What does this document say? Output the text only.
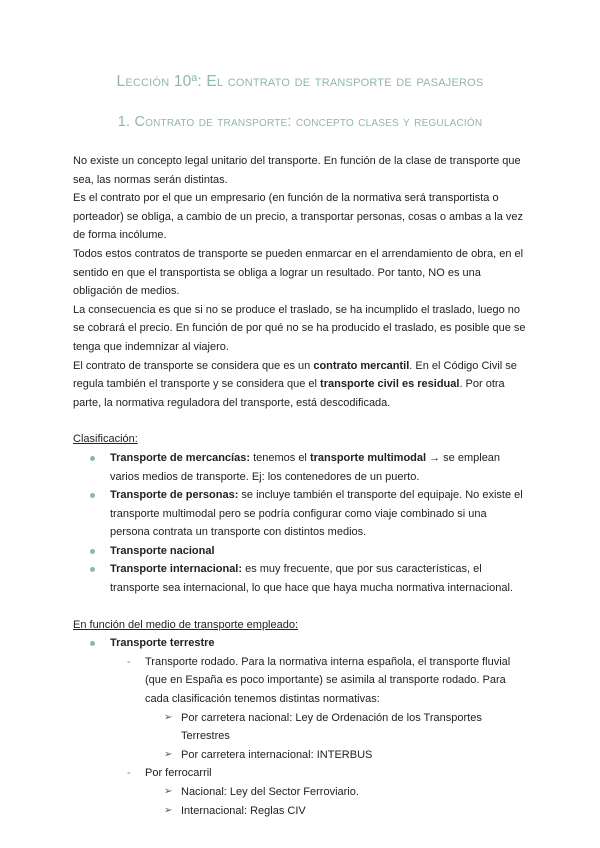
Lección 10ª: El contrato de transporte de pasajeros
1. Contrato de transporte: concepto clases y regulación

No existe un concepto legal unitario del transporte. En función de la clase de transporte que sea, las normas serán distintas.

Es el contrato por el que un empresario (en función de la normativa será transportista o porteador) se obliga, a cambio de un precio, a transportar personas, cosas o ambas a la vez de forma incólume.

Todos estos contratos de transporte se pueden enmarcar en el arrendamiento de obra, en el sentido en que el transportista se obliga a lograr un resultado. Por tanto, NO es una obligación de medios.

La consecuencia es que si no se produce el traslado, se ha incumplido el traslado, luego no se cobrará el precio. En función de por qué no se ha producido el traslado, es posible que se tenga que indemnizar al viajero.

El contrato de transporte se considera que es un contrato mercantil. En el Código Civil se regula también el transporte y se considera que el transporte civil es residual. Por otra parte, la normativa reguladora del transporte, está descodificada.

Clasificación:

Transporte de mercancías: tenemos el transporte multimodal → se emplean varios medios de transporte. Ej: los contenedores de un puerto.
Transporte de personas: se incluye también el transporte del equipaje. No existe el transporte multimodal pero se podría configurar como viaje combinado si una persona contrata un transporte con distintos medios.
Transporte nacional
Transporte internacional: es muy frecuente, que por sus características, el transporte sea internacional, lo que hace que haya mucha normativa internacional.

En función del medio de transporte empleado:

Transporte terrestre
- Transporte rodado. Para la normativa interna española, el transporte fluvial (que en España es poco importante) se asimila al transporte rodado. Para cada clasificación tenemos distintas normativas:
➢ Por carretera nacional: Ley de Ordenación de los Transportes Terrestres
➢ Por carretera internacional: INTERBUS
- Por ferrocarril
➢ Nacional: Ley del Sector Ferroviario.
➢ Internacional: Reglas CIV
